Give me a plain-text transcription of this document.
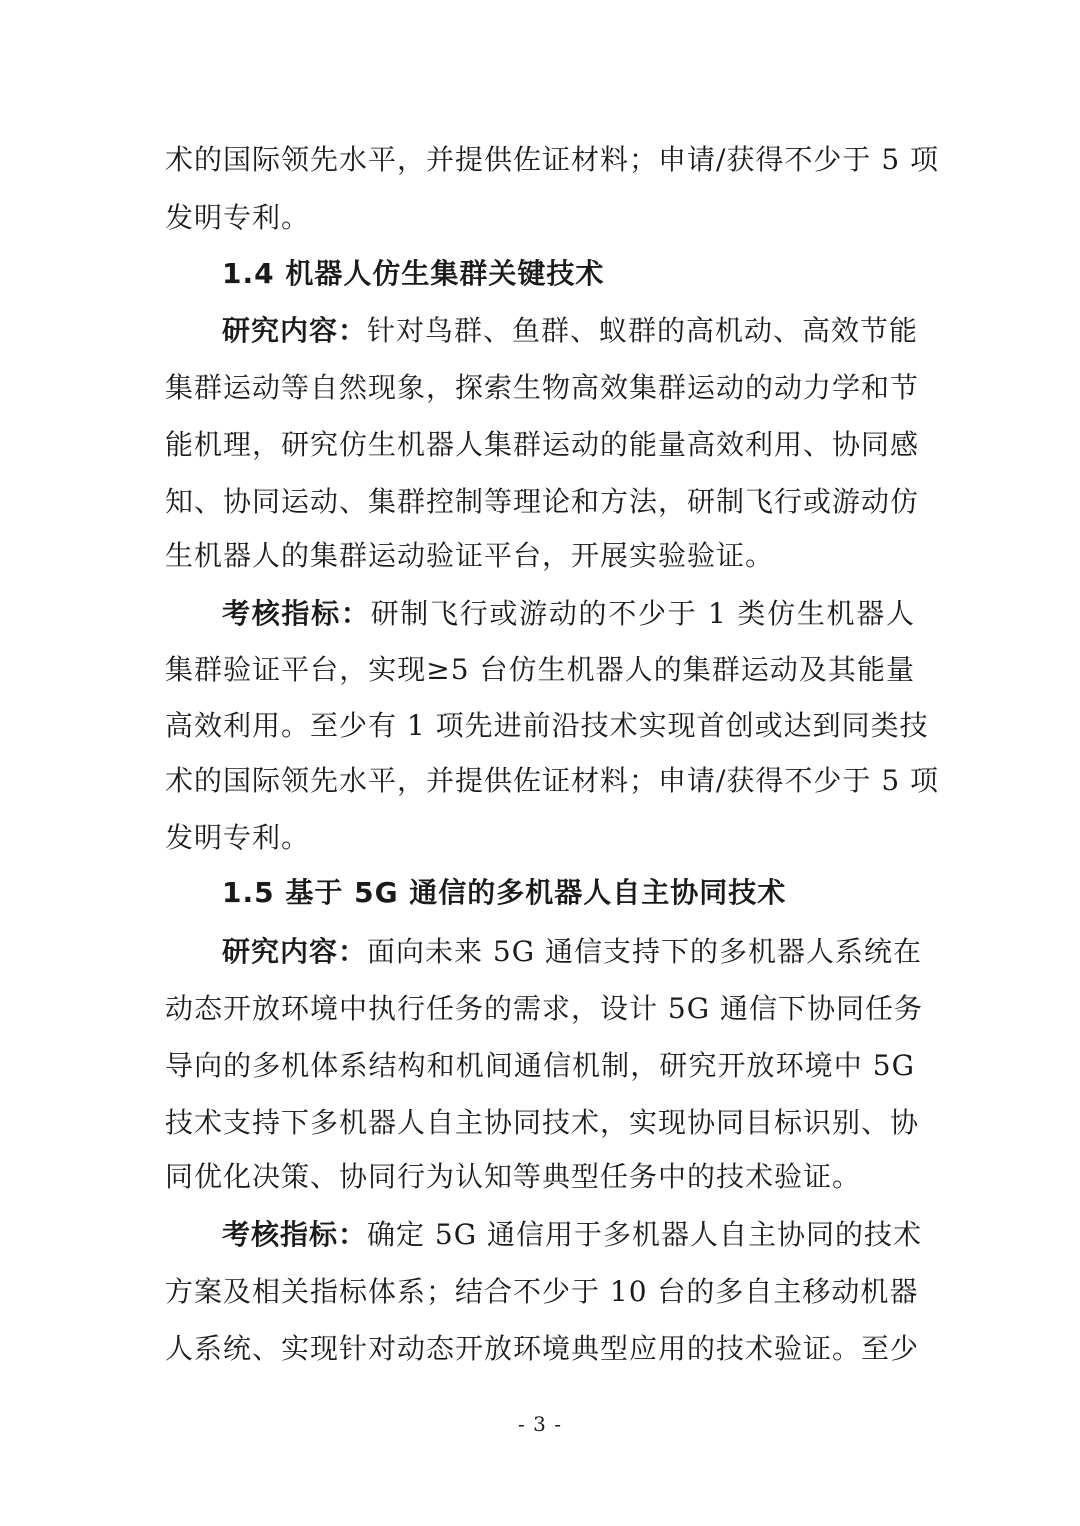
术的国际领先水平，并提供佐证材料；申请/获得不少于 5 项
发明专利。
1.4 机器人仿生集群关键技术
研究内容：针对鸟群、鱼群、蚁群的高机动、高效节能
集群运动等自然现象，探索生物高效集群运动的动力学和节
能机理，研究仿生机器人集群运动的能量高效利用、协同感
知、协同运动、集群控制等理论和方法，研制飞行或游动仿
生机器人的集群运动验证平台，开展实验验证。
考核指标：研制飞行或游动的不少于 1 类仿生机器人
集群验证平台，实现≥5 台仿生机器人的集群运动及其能量
高效利用。至少有 1 项先进前沿技术实现首创或达到同类技
术的国际领先水平，并提供佐证材料；申请/获得不少于 5 项
发明专利。
1.5 基于 5G 通信的多机器人自主协同技术
研究内容：面向未来 5G 通信支持下的多机器人系统在
动态开放环境中执行任务的需求，设计 5G 通信下协同任务
导向的多机体系结构和机间通信机制，研究开放环境中 5G
技术支持下多机器人自主协同技术，实现协同目标识别、协
同优化决策、协同行为认知等典型任务中的技术验证。
考核指标：确定 5G 通信用于多机器人自主协同的技术
方案及相关指标体系；结合不少于 10 台的多自主移动机器
人系统、实现针对动态开放环境典型应用的技术验证。至少
- 3 -
